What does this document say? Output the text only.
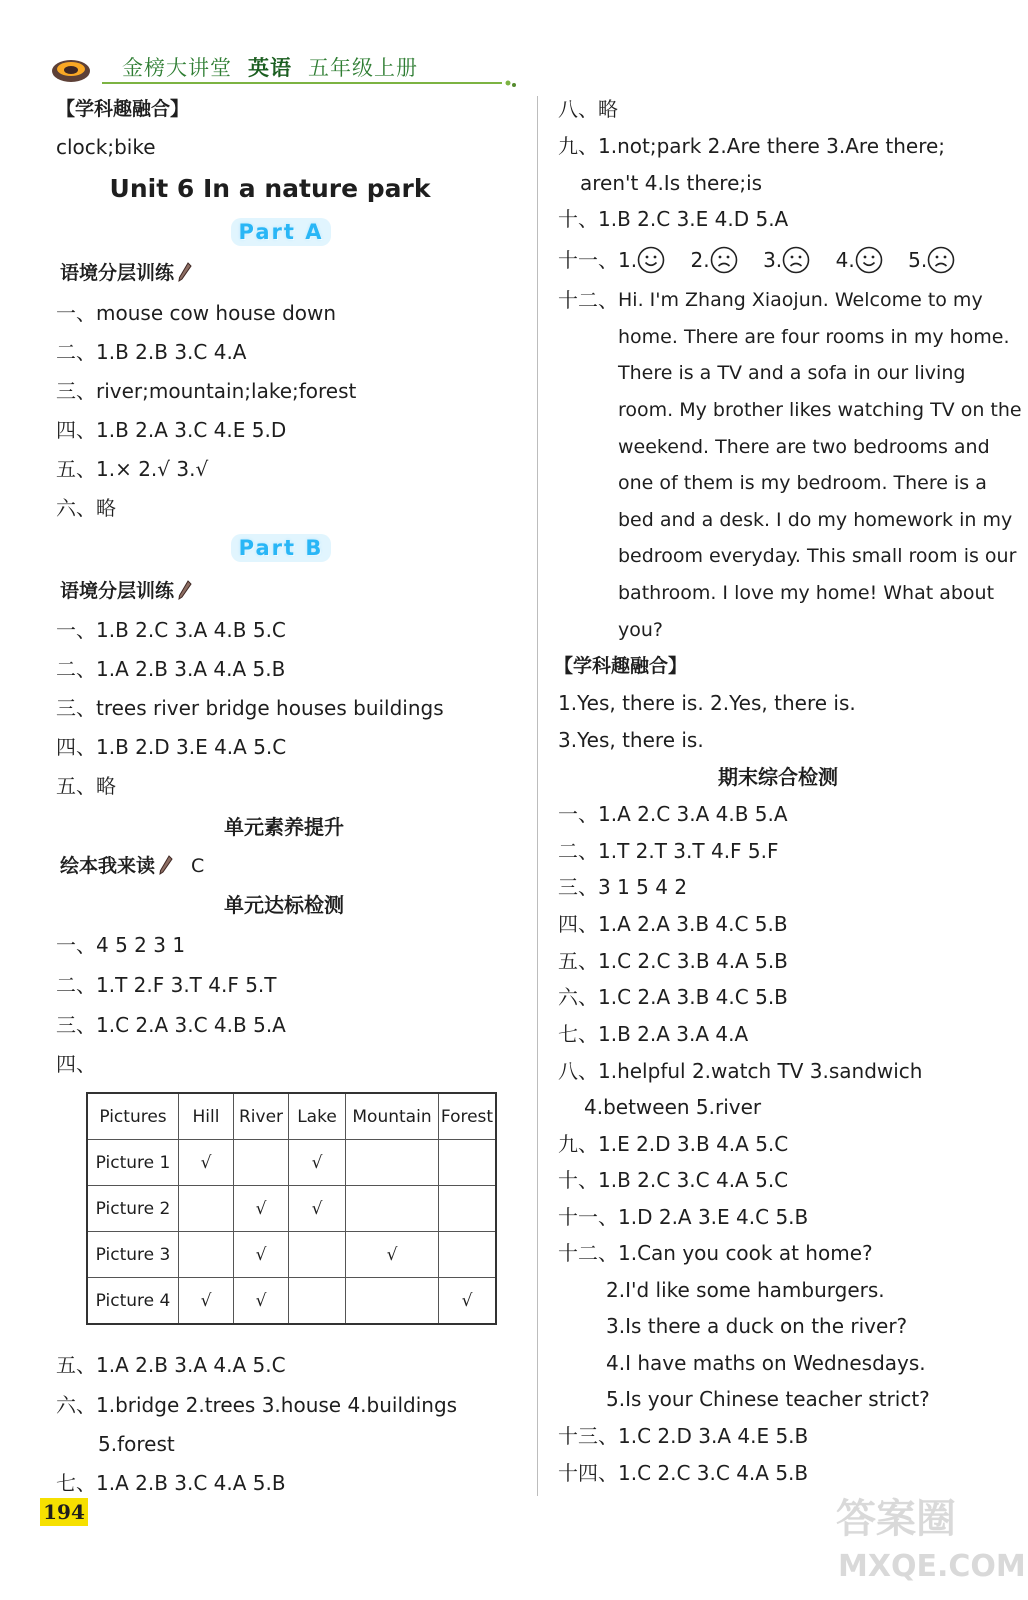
金榜大讲堂 英语 五年级上册
【学科趣融合】
clock;bike
Unit 6 In a nature park
Part A
语境分层训练
一、mouse cow house down
二、1.B 2.B 3.C 4.A
三、river;mountain;lake;forest
四、1.B 2.A 3.C 4.E 5.D
五、1.× 2.√ 3.√
六、略
Part B
语境分层训练
一、1.B 2.C 3.A 4.B 5.C
二、1.A 2.B 3.A 4.A 5.B
三、trees river bridge houses buildings
四、1.B 2.D 3.E 4.A 5.C
五、略
单元素养提升
绘本我来读 C
单元达标检测
一、4 5 2 3 1
二、1.T 2.F 3.T 4.F 5.T
三、1.C 2.A 3.C 4.B 5.A
四、
五、1.A 2.B 3.A 4.A 5.C
六、1.bridge 2.trees 3.house 4.buildings
5.forest
七、1.A 2.B 3.C 4.A 5.B
Pictures	Hill	River	Lake	Mountain	Forest
Picture 1	√		√		
Picture 2		√	√		
Picture 3		√		√	
Picture 4	√	√			√
八、略
九、1.not;park 2.Are there 3.Are there;
aren't 4.Is there;is
十、1.B 2.C 3.E 4.D 5.A
十一、1.	2.	3.	4.	5.
十二、 Hi. I'm Zhang Xiaojun. Welcome to my
home. There are four rooms in my home.
There is a TV and a sofa in our living
room. My brother likes watching TV on the
weekend. There are two bedrooms and
one of them is my bedroom. There is a
bed and a desk. I do my homework in my
bedroom everyday. This small room is our
bathroom. I love my home! What about
you?
【学科趣融合】
1.Yes, there is. 2.Yes, there is.
3.Yes, there is.
期末综合检测
一、1.A 2.C 3.A 4.B 5.A
二、1.T 2.T 3.T 4.F 5.F
三、3 1 5 4 2
四、1.A 2.A 3.B 4.C 5.B
五、1.C 2.C 3.B 4.A 5.B
六、1.C 2.A 3.B 4.C 5.B
七、1.B 2.A 3.A 4.A
八、1.helpful 2.watch TV 3.sandwich
4.between 5.river
九、1.E 2.D 3.B 4.A 5.C
十、1.B 2.C 3.C 4.A 5.C
十一、1.D 2.A 3.E 4.C 5.B
十二、1.Can you cook at home?
2.I'd like some hamburgers.
3.Is there a duck on the river?
4.I have maths on Wednesdays.
5.Is your Chinese teacher strict?
十三、1.C 2.D 3.A 4.E 5.B
十四、1.C 2.C 3.C 4.A 5.B
194	答案圈
MXQE.COM
